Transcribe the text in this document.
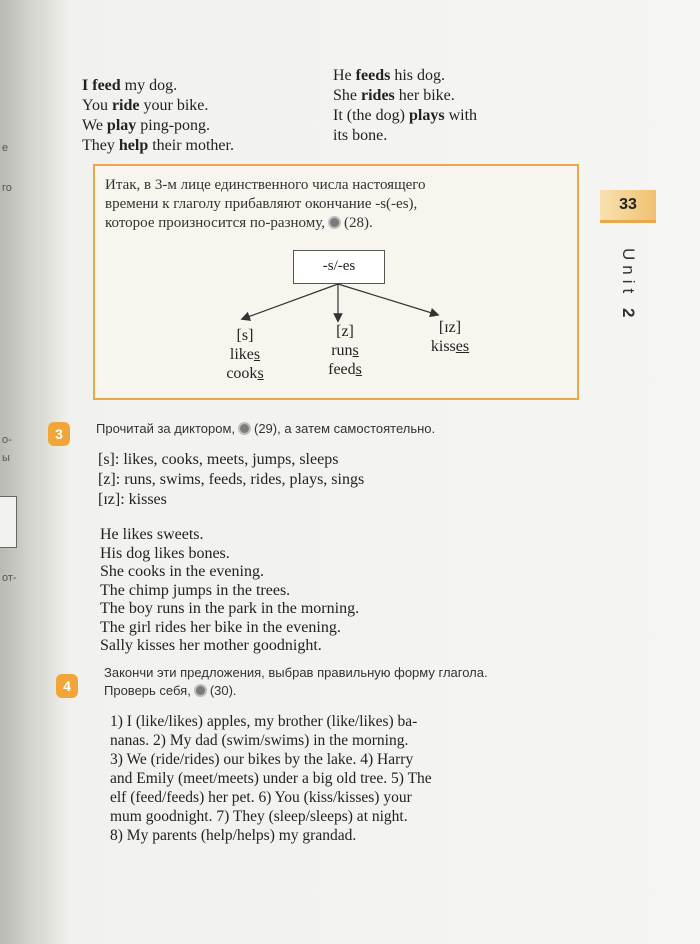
е
го
о-
ы
от-
I feed my dog.
You ride your bike.
We play ping-pong.
They help their mother.
He feeds his dog.
She rides her bike.
It (the dog) plays with
its bone.
Итак, в 3-м лице единственного числа настоящего
времени к глаголу прибавляют окончание -s(-es),
которое произносится по-разному, (28).
-s/-es
[s]
likes
cooks
[z]
runs
feeds
[ɪz]
kisses
33
Unit 2
3	Прочитай за диктором, (29), а затем самостоятельно.
[s]: likes, cooks, meets, jumps, sleeps
[z]: runs, swims, feeds, rides, plays, sings
[ɪz]: kisses
He likes sweets.
His dog likes bones.
She cooks in the evening.
The chimp jumps in the trees.
The boy runs in the park in the morning.
The girl rides her bike in the evening.
Sally kisses her mother goodnight.
4
Закончи эти предложения, выбрав правильную форму глагола.
Проверь себя, (30).
1) I (like/likes) apples, my brother (like/likes) ba-
nanas. 2) My dad (swim/swims) in the morning.
3) We (ride/rides) our bikes by the lake. 4) Harry
and Emily (meet/meets) under a big old tree. 5) The
elf (feed/feeds) her pet. 6) You (kiss/kisses) your
mum goodnight. 7) They (sleep/sleeps) at night.
8) My parents (help/helps) my grandad.
